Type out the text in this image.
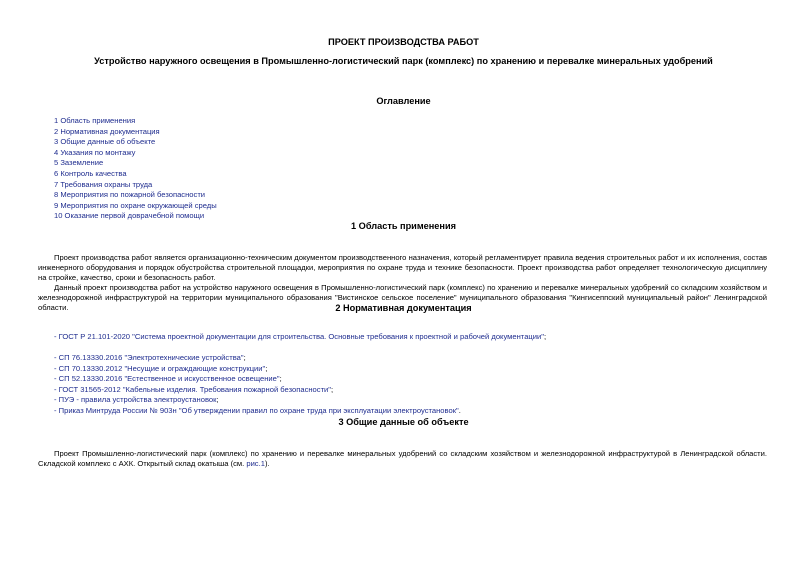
ПРОЕКТ ПРОИЗВОДСТВА РАБОТ
Устройство наружного освещения в Промышленно-логистический парк (комплекс) по хранению и перевалке минеральных удобрений
Оглавление
1 Область применения
2 Нормативная документация
3 Общие данные об объекте
4 Указания по монтажу
5 Заземление
6 Контроль качества
7 Требования охраны труда
8 Мероприятия по пожарной безопасности
9 Мероприятия по охране окружающей среды
10 Оказание первой доврачебной помощи
1 Область применения

Проект производства работ является организационно-техническим документом производственного назначения, который регламентирует правила ведения строительных работ и их исполнения, состав инженерного оборудования и порядок обустройства строительной площадки, мероприятия по охране труда и технике безопасности. Проект производства работ определяет технологическую дисциплину на стройке, качество, сроки и безопасность работ.

Данный проект производства работ на устройство наружного освещения в Промышленно-логистический парк (комплекс) по хранению и перевалке минеральных удобрений со складским хозяйством и железнодорожной инфраструктурой на территории муниципального образования "Вистинское сельское поселение" муниципального образования "Кингисеппский муниципальный район" Ленинградской области.	2 Нормативная документация
- ГОСТ Р 21.101-2020 "Система проектной документации для строительства. Основные требования к проектной и рабочей документации";
- СП 76.13330.2016 "Электротехнические устройства";
- СП 70.13330.2012 "Несущие и ограждающие конструкции";
- СП 52.13330.2016 "Естественное и искусственное освещение";
- ГОСТ 31565-2012 "Кабельные изделия. Требования пожарной безопасности";
- ПУЭ - правила устройства электроустановок;
- Приказ Минтруда России № 903н "Об утверждении правил по охране труда при эксплуатации электроустановок".
3 Общие данные об объекте

Проект Промышленно-логистический парк (комплекс) по хранению и перевалке минеральных удобрений со складским хозяйством и железнодорожной инфраструктурой в Ленинградской области. Складской комплекс с АХК. Открытый склад окатыша (см. рис.1).
